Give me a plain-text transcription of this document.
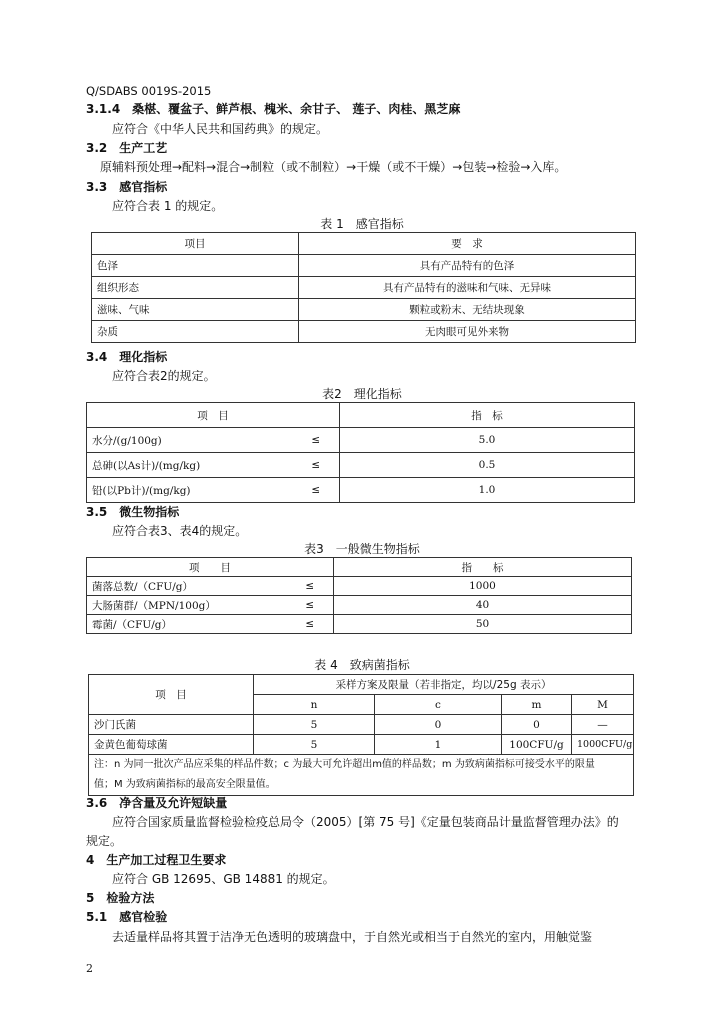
Q/SDABS 0019S-2015
3.1.4　桑椹、覆盆子、鲜芦根、槐米、余甘子、 莲子、肉桂、黑芝麻
应符合《中华人民共和国药典》的规定。
3.2　生产工艺
原辅料预处理→配料→混合→制粒（或不制粒）→干燥（或不干燥）→包装→检验→入库。
3.3　感官指标
应符合表 1 的规定。
表 1　感官指标
项目	要　求
色泽	具有产品特有的色泽
组织形态	具有产品特有的滋味和气味、无异味
滋味、气味	颗粒或粉末、无结块现象
杂质	无肉眼可见外来物
3.4　理化指标
应符合表2的规定。
表2　理化指标
项　目		指　标
水分/(g/100g)	≤	5.0
总砷(以As计)/(mg/kg)	≤	0.5
铅(以Pb计)/(mg/kg)	≤	1.0
3.5　微生物指标
应符合表3、表4的规定。
表3　一般微生物指标
项　　目		指　　标
菌落总数/（CFU/g）	≤	1000
大肠菌群/（MPN/100g）	≤	40
霉菌/（CFU/g）	≤	50
表 4　致病菌指标
项　目	采样方案及限量（若非指定，均以/25g 表示）			
	n	c	m	M
沙门氏菌	5	0	0	—
金黄色葡萄球菌	5	1	100CFU/g	1000CFU/g

注：n 为同一批次产品应采集的样品件数；c 为最大可允许超出m值的样品数；m 为致病菌指标可接受水平的限量
值；M 为致病菌指标的最高安全限量值。				
3.6　净含量及允许短缺量
应符合国家质量监督检验检疫总局令（2005）[第 75 号]《定量包装商品计量监督管理办法》的
规定。
4　生产加工过程卫生要求
应符合 GB 12695、GB 14881 的规定。
5　检验方法
5.1　感官检验
去适量样品将其置于洁净无色透明的玻璃盘中，于自然光或相当于自然光的室内，用触觉鉴
2
